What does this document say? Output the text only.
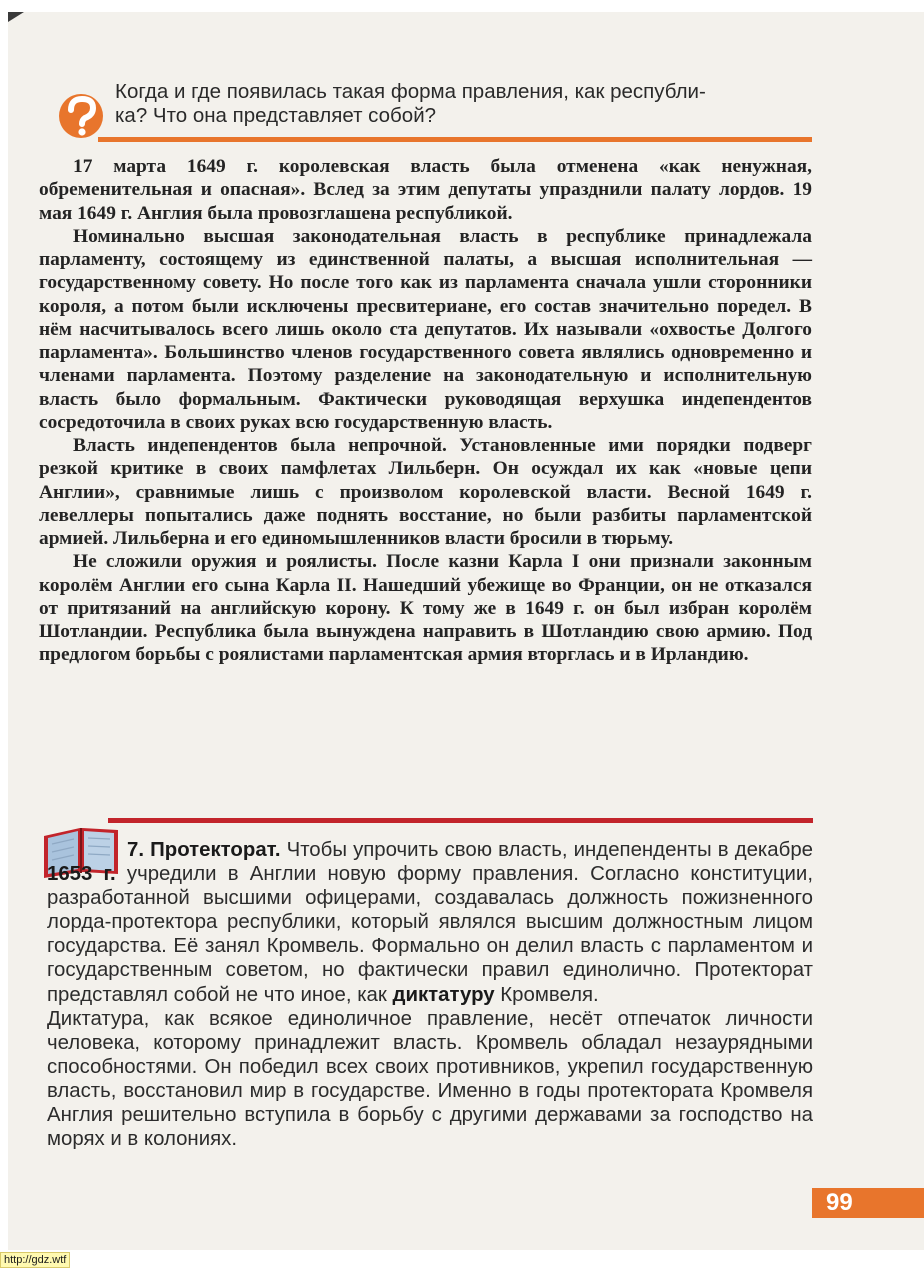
Когда и где появилась такая форма правления, как республи-
ка? Что она представляет собой?

17 марта 1649 г. королевская власть была отменена «как ненужная, обременительная и опасная». Вслед за этим депутаты упразднили палату лордов. 19 мая 1649 г. Англия была провозглашена республикой.

Номинально высшая законодательная власть в республике принадлежала парламенту, состоящему из единственной палаты, а высшая исполнительная — государственному совету. Но после того как из парламента сначала ушли сторонники короля, а потом были исключены пресвитериане, его состав значительно поредел. В нём насчитывалось всего лишь около ста депутатов. Их называли «охвостье Долгого парламента». Большинство членов государственного совета являлись одновременно и членами парламента. Поэтому разделение на законодательную и исполнительную власть было формальным. Фактически руководящая верхушка индепендентов сосредоточила в своих руках всю государственную власть.

Власть индепендентов была непрочной. Установленные ими порядки подверг резкой критике в своих памфлетах Лильберн. Он осуждал их как «новые цепи Англии», сравнимые лишь с произволом королевской власти. Весной 1649 г. левеллеры попытались даже поднять восстание, но были разбиты парламентской армией. Лильберна и его единомышленников власти бросили в тюрьму.

Не сложили оружия и роялисты. После казни Карла I они признали законным королём Англии его сына Карла II. Нашедший убежище во Франции, он не отказался от притязаний на английскую корону. К тому же в 1649 г. он был избран королём Шотландии. Республика была вынуждена направить в Шотландию свою армию. Под предлогом борьбы с роялистами парламентская армия вторглась и в Ирландию.

7. Протекторат. Чтобы упрочить свою власть, индепенденты в декабре 1653 г. учредили в Англии новую форму правления. Согласно конституции, разработанной высшими офицерами, создавалась должность пожизненного лорда-протектора республики, который являлся высшим должностным лицом государства. Её занял Кромвель. Формально он делил власть с парламентом и государственным советом, но фактически правил единолично. Протекторат представлял собой не что иное, как диктатуру Кромвеля.

Диктатура, как всякое единоличное правление, несёт отпечаток личности человека, которому принадлежит власть. Кромвель обладал незаурядными способностями. Он победил всех своих противников, укрепил государственную власть, восстановил мир в государстве. Именно в годы протектората Кромвеля Англия решительно вступила в борьбу с другими державами за господство на морях и в колониях.

99
http://gdz.wtf
